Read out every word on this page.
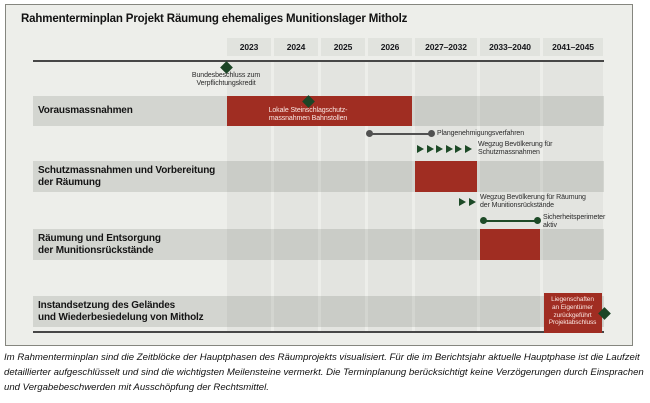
Rahmenterminplan Projekt Räumung ehemaliges Munitionslager Mitholz
2023	2024	2025	2026	2027–2032	2033–2040	2041–2045
Vorausmassnahmen
Schutzmassnahmen und Vorbereitung
der Räumung
Räumung und Entsorgung
der Munitionsrückstände
Instandsetzung des Geländes
und Wiederbesiedelung von Mitholz
Bundesbeschluss zum
Verpflichtungskredit
Lokale Steinschlagschutz-
massnahmen Bahnstollen
Plangenehmigungsverfahren
Wegzug Bevölkerung für
Schutzmassnahmen
Wegzug Bevölkerung für Räumung
der Munitionsrückstände
Sicherheitsperimeter
aktiv
Liegenschaften
an Eigentümer
zurückgeführt
Projektabschluss
Im Rahmenterminplan sind die Zeitblöcke der Hauptphasen des Räumprojekts visualisiert. Für die im Berichtsjahr aktuelle Hauptphase ist die Laufzeit detaillierter aufgeschlüsselt und sind die wichtigsten Meilensteine vermerkt. Die Terminplanung berücksichtigt keine Verzögerungen durch Einsprachen und Vergabebeschwerden mit Ausschöpfung der Rechtsmittel.
